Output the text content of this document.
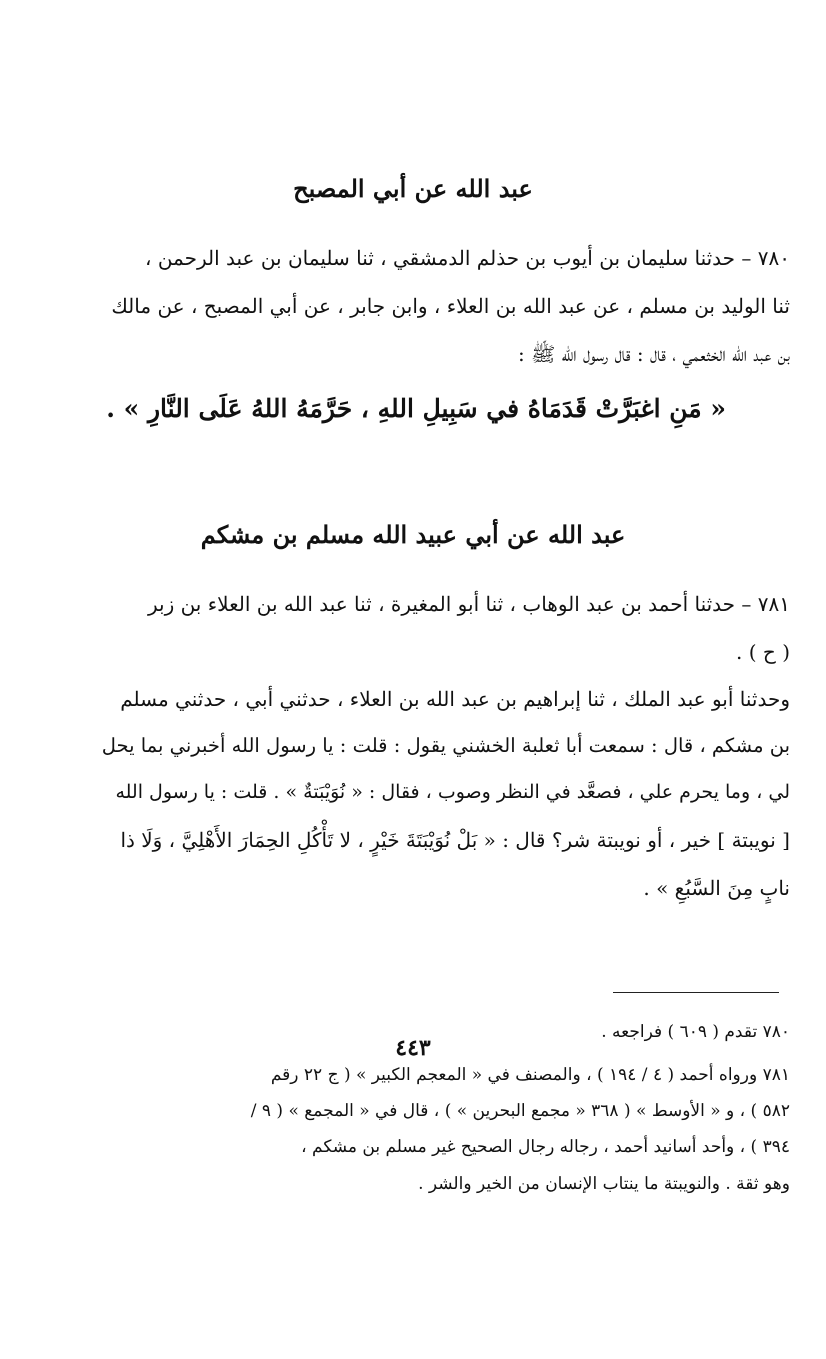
عبد الله عن أبي المصبح
٧٨٠ – حدثنا سليمان بن أيوب بن حذلم الدمشقي ، ثنا سليمان بن عبد الرحمن ،
ثنا الوليد بن مسلم ، عن عبد الله بن العلاء ، وابن جابر ، عن أبي المصبح ، عن مالك
بن عبد الله الخثعمي ، قال : قال رسول الله ﷺ :
« مَنِ اغبَرَّتْ قَدَمَاهُ في سَبِيلِ اللهِ ، حَرَّمَهُ اللهُ عَلَى النَّارِ » .
عبد الله عن أبي عبيد الله مسلم بن مشكم
٧٨١ – حدثنا أحمد بن عبد الوهاب ، ثنا أبو المغيرة ، ثنا عبد الله بن العلاء بن زبر
( ح ) .
وحدثنا أبو عبد الملك ، ثنا إبراهيم بن عبد الله بن العلاء ، حدثني أبي ، حدثني مسلم
بن مشكم ، قال : سمعت أبا ثعلبة الخشني يقول : قلت : يا رسول الله أخبرني بما يحل
لي ، وما يحرم علي ، فصعَّد في النظر وصوب ، فقال : « نُوَيْبَتةٌ » . قلت : يا رسول الله
[ نويبتة ] خير ، أو نويبتة شر؟ قال : « بَلْ نُوَيْبَتَةَ خَيْرٍ ، لا تَأْكُلِ الحِمَارَ الأَهْلِيَّ ، وَلَا ذا
نابٍ مِنَ السَّبُعِ » .
٧٨٠ تقدم ( ٦٠٩ ) فراجعه .
٧٨١ ورواه أحمد ( ٤ / ١٩٤ ) ، والمصنف في « المعجم الكبير » ( ج ٢٢ رقم
٥٨٢ ) ، و « الأوسط » ( ٣٦٨ « مجمع البحرين » ) ، قال في « المجمع » ( ٩ /
٣٩٤ ) ، وأحد أسانيد أحمد ، رجاله رجال الصحيح غير مسلم بن مشكم ،
وهو ثقة . والنويبتة ما ينتاب الإنسان من الخير والشر .
٤٤٣
